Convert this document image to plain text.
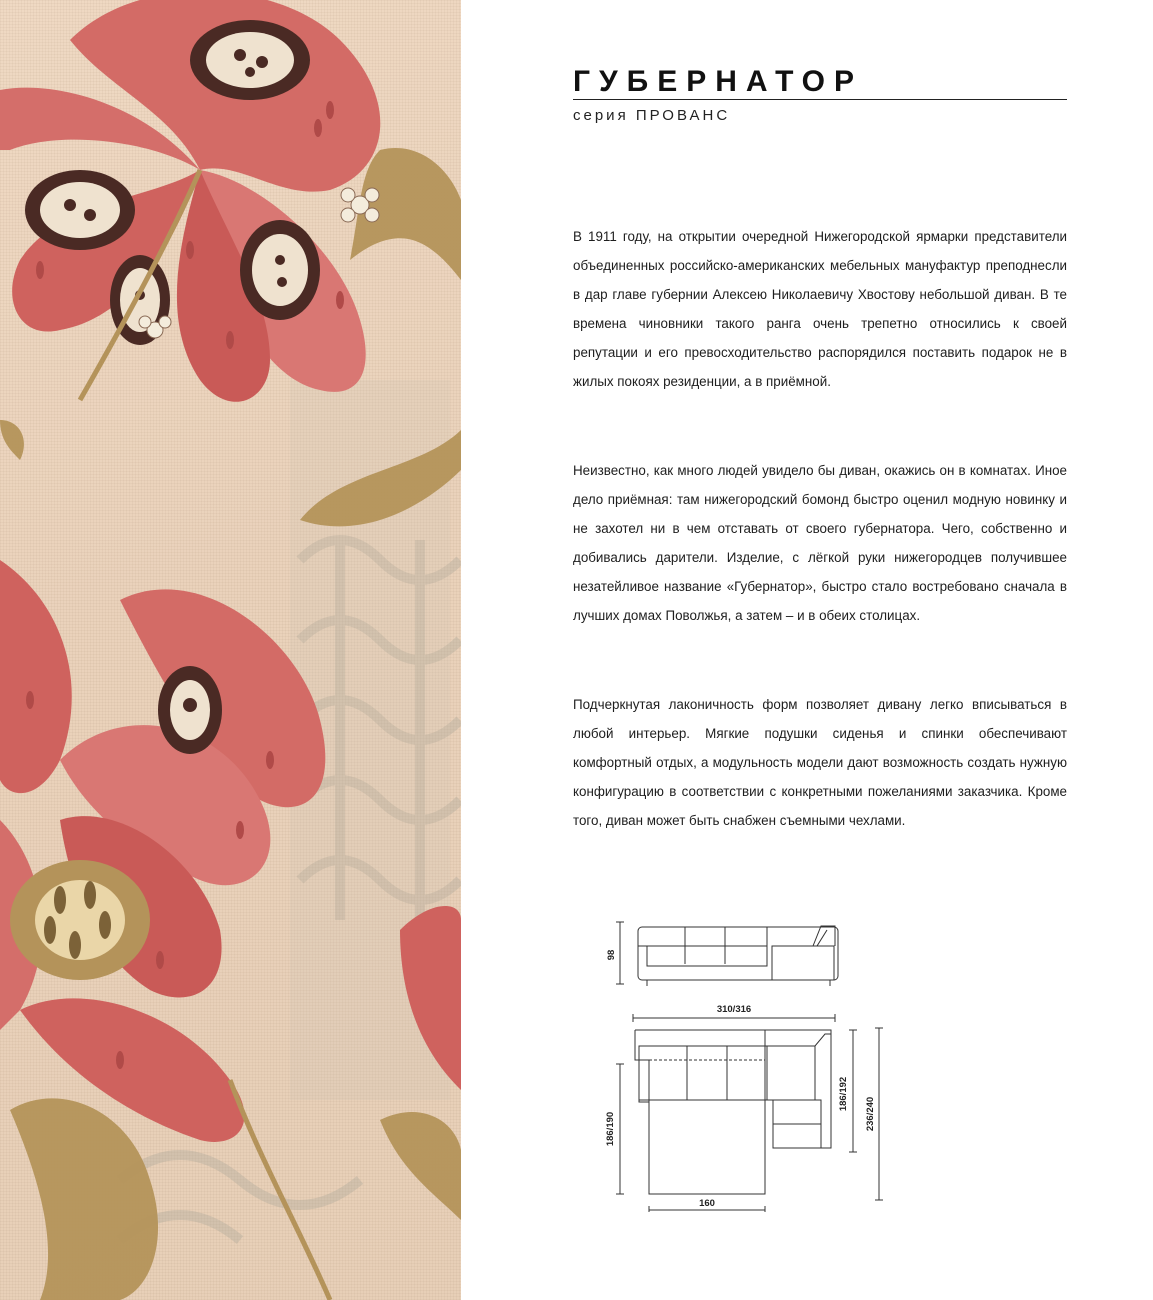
ГУБЕРНАТОР
серия ПРОВАНС

В 1911 году, на открытии очередной Нижегородской ярмарки представители объединенных российско-американских мебельных мануфактур преподнесли в дар главе губернии Алексею Николаевичу Хвостову небольшой диван. В те времена чиновники такого ранга очень трепетно относились к своей репутации и его превосходительство распорядился поставить подарок не в жилых покоях резиденции, а в приёмной.

Неизвестно, как много людей увидело бы диван, окажись он в комнатах. Иное дело приёмная: там нижегородский бомонд быстро оценил модную новинку и не захотел ни в чем отставать от своего губернатора. Чего, собственно и добивались дарители. Изделие, с лёгкой руки нижегородцев получившее незатейливое название «Губернатор», быстро стало востребовано сначала в лучших домах Поволжья, а затем – и в обеих столицах.

Подчеркнутая лаконичность форм позволяет дивану легко вписываться в любой интерьер. Мягкие подушки сиденья и спинки обеспечивают комфортный отдых, а модульность модели дают возможность создать нужную конфигурацию в соответствии с конкретными пожеланиями заказчика. Кроме того, диван может быть снабжен съемными чехлами.

98
310/316
186/190
160
186/192
236/240
